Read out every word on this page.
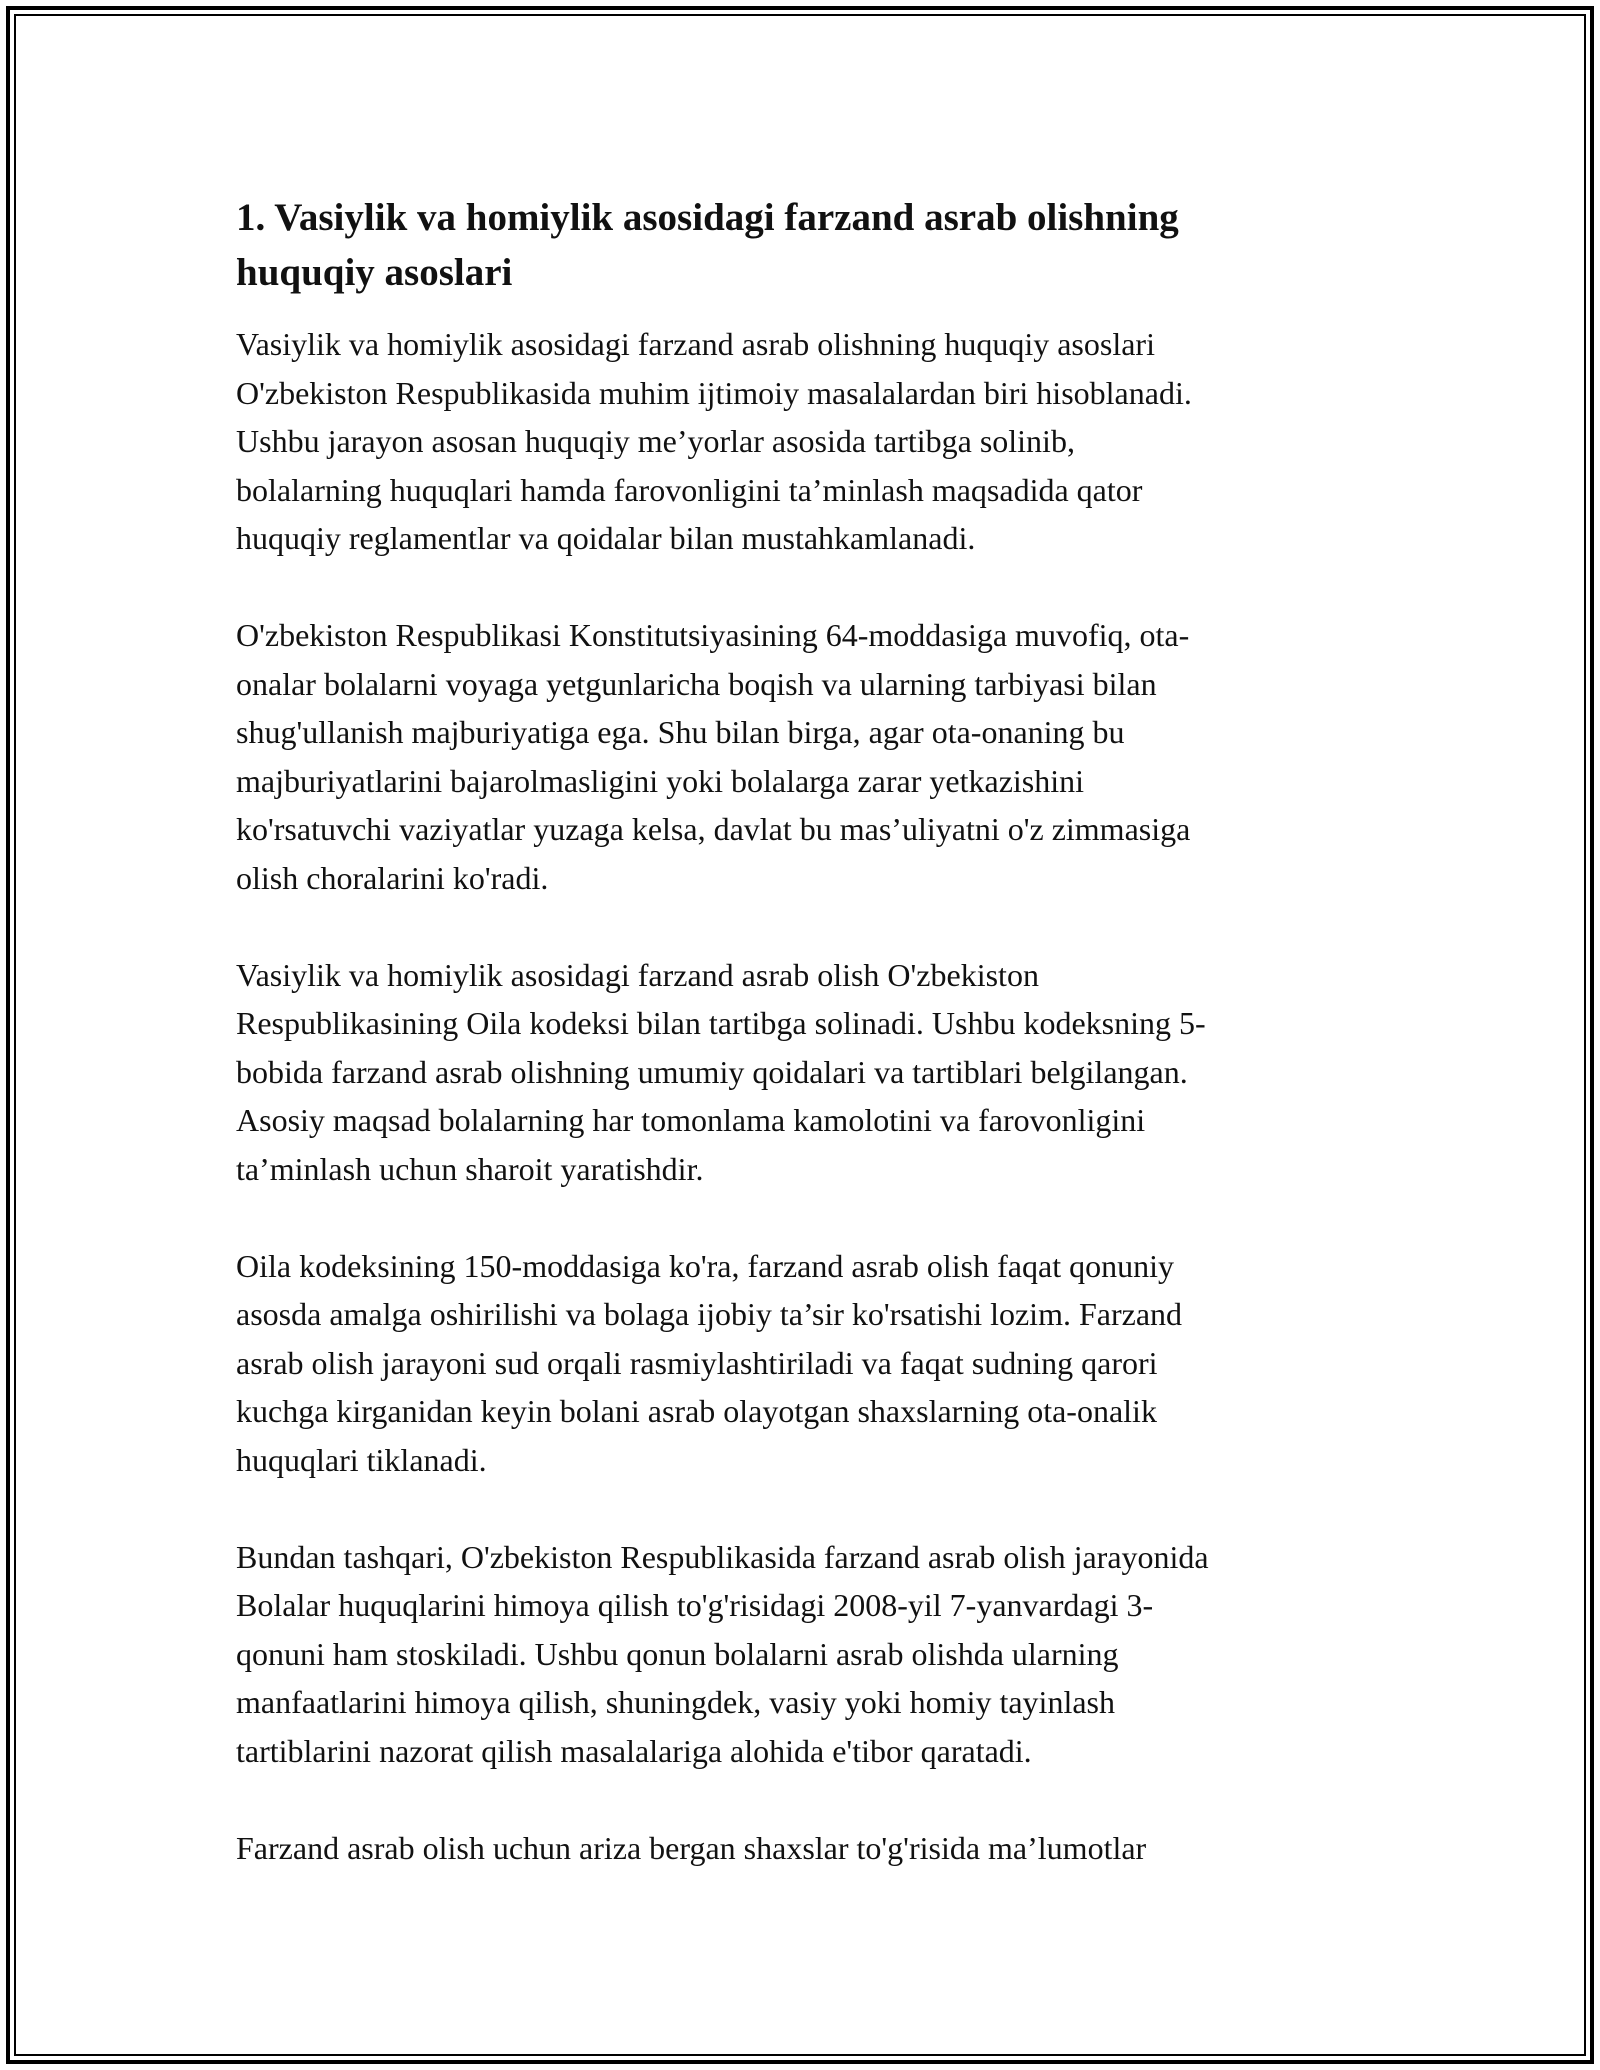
1. Vasiylik va homiylik asosidagi farzand asrab olishning
huquqiy asoslari

Vasiylik va homiylik asosidagi farzand asrab olishning huquqiy asoslari
O'zbekiston Respublikasida muhim ijtimoiy masalalardan biri hisoblanadi.
Ushbu jarayon asosan huquqiy me’yorlar asosida tartibga solinib,
bolalarning huquqlari hamda farovonligini ta’minlash maqsadida qator
huquqiy reglamentlar va qoidalar bilan mustahkamlanadi.

O'zbekiston Respublikasi Konstitutsiyasining 64-moddasiga muvofiq, ota-
onalar bolalarni voyaga yetgunlaricha boqish va ularning tarbiyasi bilan
shug'ullanish majburiyatiga ega. Shu bilan birga, agar ota-onaning bu
majburiyatlarini bajarolmasligini yoki bolalarga zarar yetkazishini
ko'rsatuvchi vaziyatlar yuzaga kelsa, davlat bu mas’uliyatni o'z zimmasiga
olish choralarini ko'radi.

Vasiylik va homiylik asosidagi farzand asrab olish O'zbekiston
Respublikasining Oila kodeksi bilan tartibga solinadi. Ushbu kodeksning 5-
bobida farzand asrab olishning umumiy qoidalari va tartiblari belgilangan.
Asosiy maqsad bolalarning har tomonlama kamolotini va farovonligini
ta’minlash uchun sharoit yaratishdir.

Oila kodeksining 150-moddasiga ko'ra, farzand asrab olish faqat qonuniy
asosda amalga oshirilishi va bolaga ijobiy ta’sir ko'rsatishi lozim. Farzand
asrab olish jarayoni sud orqali rasmiylashtiriladi va faqat sudning qarori
kuchga kirganidan keyin bolani asrab olayotgan shaxslarning ota-onalik
huquqlari tiklanadi.

Bundan tashqari, O'zbekiston Respublikasida farzand asrab olish jarayonida
Bolalar huquqlarini himoya qilish to'g'risidagi 2008-yil 7-yanvardagi 3-
qonuni ham stoskiladi. Ushbu qonun bolalarni asrab olishda ularning
manfaatlarini himoya qilish, shuningdek, vasiy yoki homiy tayinlash
tartiblarini nazorat qilish masalalariga alohida e'tibor qaratadi.

Farzand asrab olish uchun ariza bergan shaxslar to'g'risida ma’lumotlar
